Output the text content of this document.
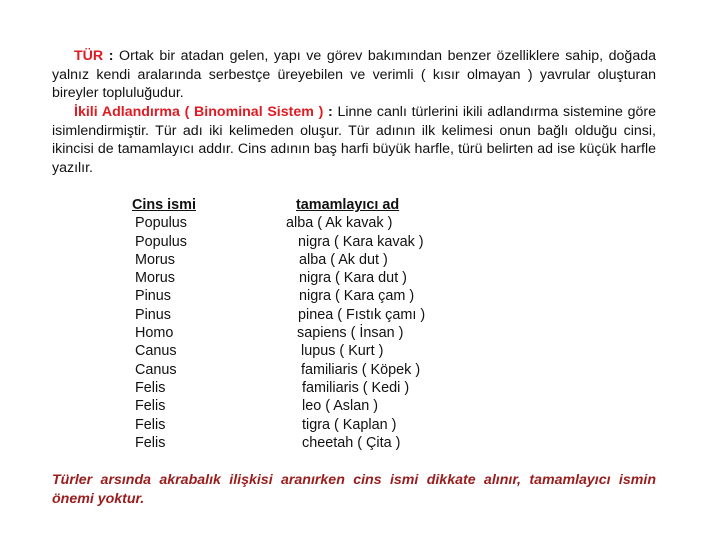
TÜR : Ortak bir atadan gelen, yapı ve görev bakımından benzer özelliklere sahip, doğada yalnız kendi aralarında serbestçe üreyebilen ve verimli ( kısır olmayan ) yavrular oluşturan bireyler topluluğudur.

İkili Adlandırma ( Binominal Sistem ) : Linne canlı türlerini ikili adlandırma sistemine göre isimlendirmiştir. Tür adı iki kelimeden oluşur. Tür adının ilk kelimesi onun bağlı olduğu cinsi, ikincisi de tamamlayıcı addır. Cins adının baş harfi büyük harfle, türü belirten ad ise küçük harfle yazılır.

Cins ismi	tamamlayıcı ad
Populus	alba ( Ak kavak )
Populus	nigra ( Kara kavak )
Morus	alba ( Ak dut )
Morus	nigra ( Kara dut )
Pinus	nigra ( Kara çam )
Pinus	pinea ( Fıstık çamı )
Homo	sapiens ( İnsan )
Canus	lupus ( Kurt )
Canus	familiaris ( Köpek )
Felis	familiaris ( Kedi )
Felis	leo ( Aslan )
Felis	tigra ( Kaplan )
Felis	cheetah ( Çita )

Türler arsında akrabalık ilişkisi aranırken cins ismi dikkate alınır, tamamlayıcı ismin önemi yoktur.
